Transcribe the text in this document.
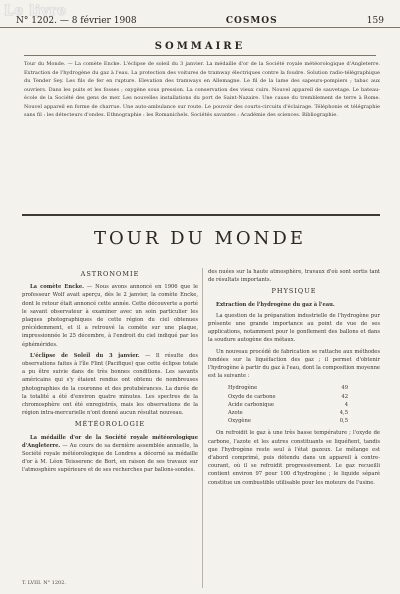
Le livre
N° 1202. — 8 février 1908	COSMOS	159
SOMMAIRE
Tour du Monde. — La comète Encke. L'éclipse de soleil du 3 janvier. La médaille d'or de la Société royale météorologique d'Angleterre. Extraction de l'hydrogène du gaz à l'eau. La protection des voitures de tramway électriques contre la foudre. Solution radio-télégraphique du Tender Sey. Les fils de fer en rupture. Elevation des tramways en Allemagne. Le fil de la lame des sapeurs-pompiers ; tabac aux ouvriers. Dans les puits et les fosses ; oxygène sous pression. La conservation des vieux cuirs. Nouvel appareil de sauvetage. Le bateau-école de la Société des gens de mer. Les nouvelles installations du port de Saint-Nazaire. Une cause du tremblement de terre à Rome. Nouvel appareil en forme de charrue. Une auto-ambulance sur route. Le pouvoir des courts-circuits d'éclairage. Téléphonie et télégraphie sans fil : les détecteurs d'ondes. Ethnographie : les Romanichels. Sociétés savantes : Académie des sciences. Bibliographie.
TOUR DU MONDE
ASTRONOMIE

La comète Encke. — Nous avons annoncé en 1906 que le professeur Wolf avait aperçu, dès le 2 janvier, la comète Encke, dont le retour était annoncé cette année. Cette découverte a porté le savant observateur à examiner avec un soin particulier les plaques photographiques de cette région du ciel obtenues précédemment, et il a retrouvé la comète sur une plaque, impressionnée le 25 décembre, à l'endroit du ciel indiqué par les éphémérides.

L'éclipse de Soleil du 3 janvier. — Il résulte des observations faites à l'île Flint (Pacifique) que cette éclipse totale a pu être suivie dans de très bonnes conditions. Les savants américains qui s'y étaient rendus ont obtenu de nombreuses photographies de la couronne et des protubérances. La durée de la totalité a été d'environ quatre minutes. Les spectres de la chromosphère ont été enregistrés, mais les observations de la région intra-mercurielle n'ont donné aucun résultat nouveau.

MÉTÉOROLOGIE

La médaille d'or de la Société royale météorologique d'Angleterre. — Au cours de sa dernière assemblée annuelle, la Société royale météorologique de Londres a décerné sa médaille d'or à M. Léon Teisserenc de Bort, en raison de ses travaux sur l'atmosphère supérieure et de ses recherches par ballons-sondes.

des nuées sur la haute atmosphère, travaux d'où sont sortis tant de résultats importants.

PHYSIQUE

Extraction de l'hydrogène du gaz à l'eau.

La question de la préparation industrielle de l'hydrogène pur présente une grande importance au point de vue de ses applications, notamment pour le gonflement des ballons et dans la soudure autogène des métaux.

Un nouveau procédé de fabrication se rattache aux méthodes fondées sur la liquéfaction des gaz ; il permet d'obtenir l'hydrogène à partir du gaz à l'eau, dont la composition moyenne est la suivante :

Hydrogène	49
Oxyde de carbone	42
Acide carbonique	4
Azote	4,5
Oxygène	0,5

On refroidit le gaz à une très basse température ; l'oxyde de carbone, l'azote et les autres constituants se liquéfient, tandis que l'hydrogène reste seul à l'état gazeux. Le mélange est d'abord comprimé, puis détendu dans un appareil à contre-courant, où il se refroidit progressivement. Le gaz recueilli contient environ 97 pour 100 d'hydrogène ; le liquide séparé constitue un combustible utilisable pour les moteurs de l'usine.

T. LVIII. N° 1202.
